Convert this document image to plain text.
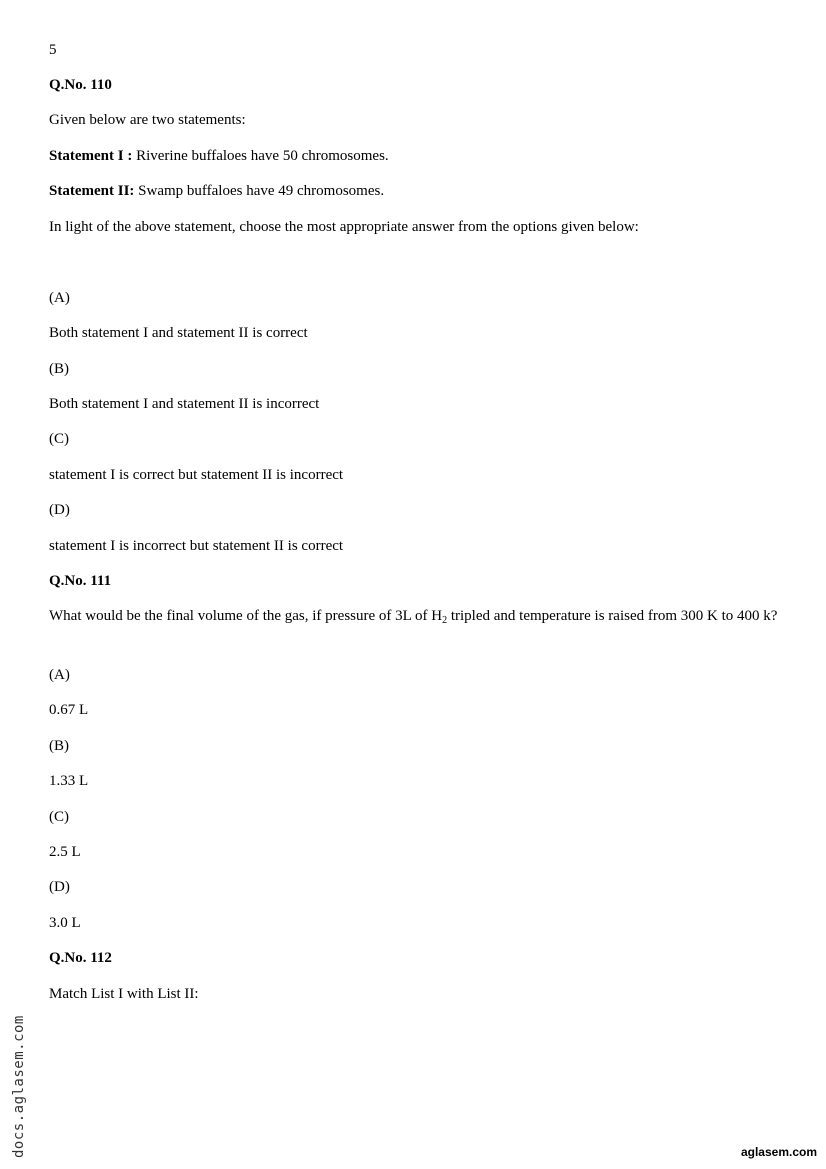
5
Q.No. 110
Given below are two statements:
Statement I : Riverine buffaloes have 50 chromosomes.
Statement II: Swamp buffaloes have 49 chromosomes.
In light of the above statement, choose the most appropriate answer from the options given below:
(A)
Both statement I and statement II is correct
(B)
Both statement I and statement II is incorrect
(C)
statement I is correct but statement II is incorrect
(D)
statement I is incorrect but statement II is correct
Q.No. 111
What would be the final volume of the gas, if pressure of 3L of $H_2$ tripled and temperature is raised from 300 K to 400 k?
(A)
0.67 L
(B)
1.33 L
(C)
2.5 L
(D)
3.0 L
Q.No. 112
Match List I with List II:
docs.aglasem.com	aglasem.com
